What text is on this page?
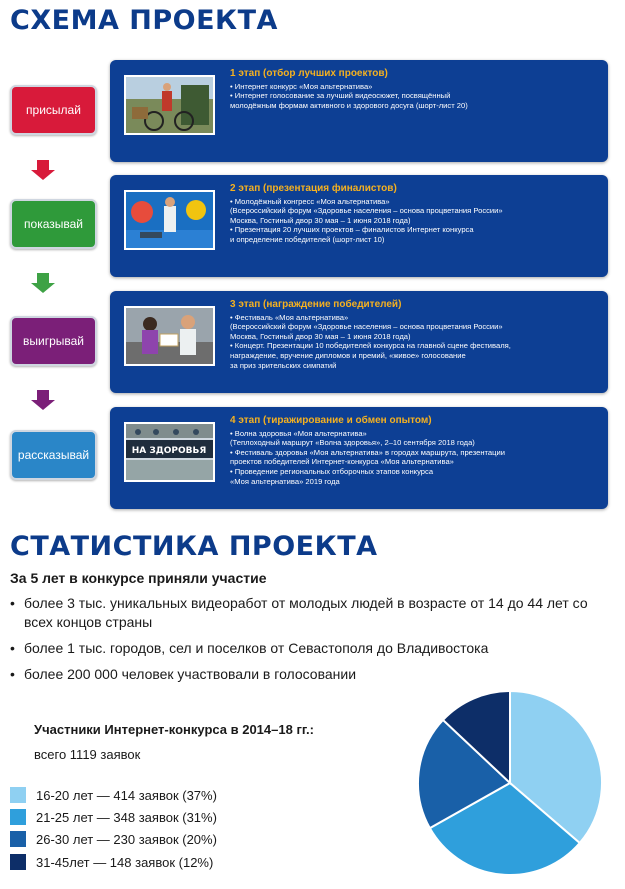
СХЕМА ПРОЕКТА
присылай
показывай
выигрывай
рассказывай
1 этап (отбор лучших проектов)
• Интернет конкурс «Моя альтернатива»
• Интернет голосование за лучший видеосюжет, посвящённый
молодёжным формам активного и здорового досуга (шорт-лист 20)
2 этап (презентация финалистов)
• Молодёжный конгресс «Моя альтернатива»
(Всероссийский форум «Здоровье населения – основа процветания России»
Москва, Гостиный двор 30 мая – 1 июня 2018 года)
• Презентация 20 лучших проектов – финалистов Интернет конкурса
и определение победителей (шорт-лист 10)
3 этап (награждение победителей)
• Фестиваль «Моя альтернатива»
(Всероссийский форум «Здоровье населения – основа процветания России»
Москва, Гостиный двор 30 мая – 1 июня 2018 года)
• Концерт. Презентации 10 победителей конкурса на главной сцене фестиваля,
награждение, вручение дипломов и премий, «живое» голосование
за приз зрительских симпатий
НА ЗДОРОВЬЯ
4 этап (тиражирование и обмен опытом)
• Волна здоровья «Моя альтернатива»
(Теплоходный маршрут «Волна здоровья», 2–10 сентября 2018 года)
• Фестиваль здоровья «Моя альтернатива» в городах маршрута, презентации
проектов победителей Интернет-конкурса «Моя альтернатива»
• Проведение региональных отборочных этапов конкурса
«Моя альтернатива» 2019 года
СТАТИСТИКА ПРОЕКТА
За 5 лет в конкурсе приняли участие
• более 3 тыс. уникальных видеоработ от молодых людей в возрасте от 14 до 44 лет со всех концов страны
• более 1 тыс. городов, сел и поселков от Севастополя до Владивостока
• более 200 000 человек участвовали в голосовании
Участники Интернет-конкурса в 2014–18 гг.:
всего 1119 заявок
16-20 лет — 414 заявок (37%)
21-25 лет — 348 заявок (31%)
26-30 лет — 230 заявок (20%)
31-45лет — 148 заявок (12%)
